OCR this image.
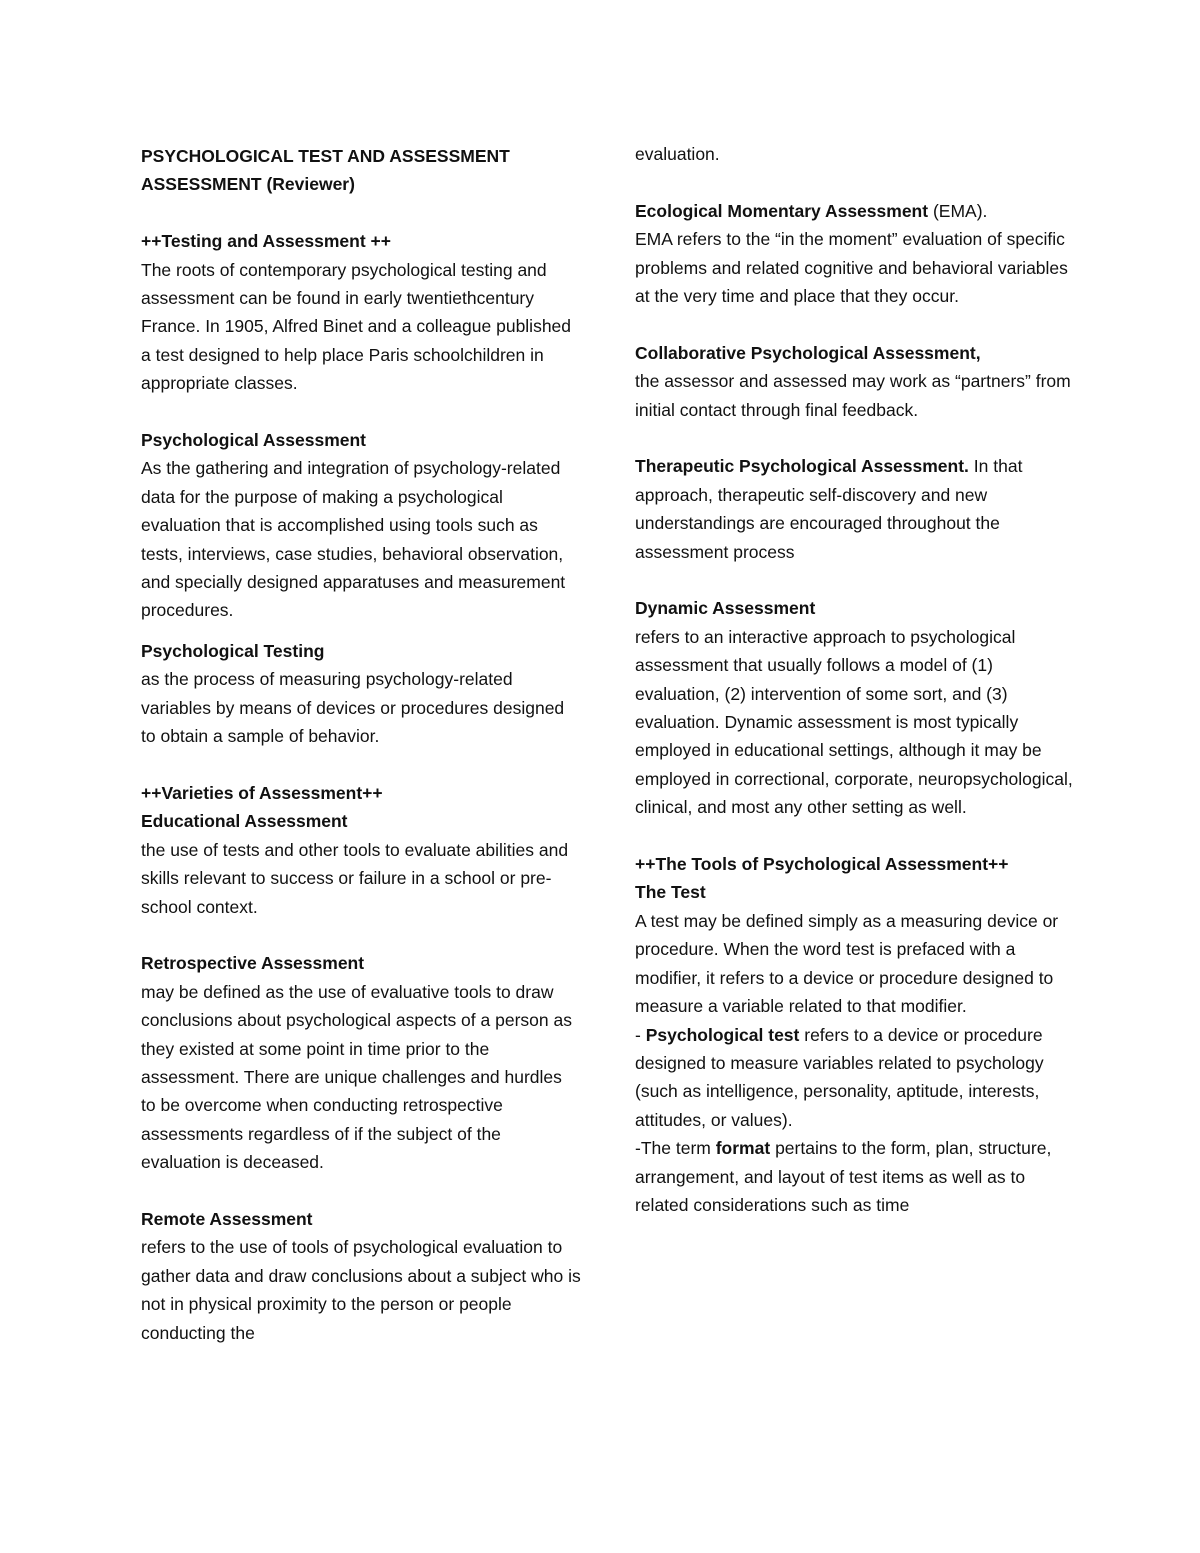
PSYCHOLOGICAL TEST AND ASSESSMENT

ASSESSMENT (Reviewer)

++Testing and Assessment ++

The roots of contemporary psychological testing and assessment can be found in early twentiethcentury France. In 1905, Alfred Binet and a colleague published a test designed to help place Paris schoolchildren in appropriate classes.

Psychological Assessment

As the gathering and integration of psychology-related data for the purpose of making a psychological evaluation that is accomplished using tools such as tests, interviews, case studies, behavioral observation, and specially designed apparatuses and measurement procedures.

Psychological Testing

as the process of measuring psychology-related variables by means of devices or procedures designed to obtain a sample of behavior.

++Varieties of Assessment++

Educational Assessment

the use of tests and other tools to evaluate abilities and skills relevant to success or failure in a school or pre-school context.

Retrospective Assessment

may be defined as the use of evaluative tools to draw conclusions about psychological aspects of a person as they existed at some point in time prior to the assessment. There are unique challenges and hurdles to be overcome when conducting retrospective assessments regardless of if the subject of the evaluation is deceased.

Remote Assessment

refers to the use of tools of psychological evaluation to gather data and draw conclusions about a subject who is not in physical proximity to the person or people conducting the

evaluation.

Ecological Momentary Assessment (EMA).

EMA refers to the “in the moment” evaluation of specific problems and related cognitive and behavioral variables at the very time and place that they occur.

Collaborative Psychological Assessment,

the assessor and assessed may work as “partners” from initial contact through final feedback.

Therapeutic Psychological Assessment. In that approach, therapeutic self-discovery and new understandings are encouraged throughout the assessment process

Dynamic Assessment

refers to an interactive approach to psychological assessment that usually follows a model of (1) evaluation, (2) intervention of some sort, and (3) evaluation. Dynamic assessment is most typically employed in educational settings, although it may be employed in correctional, corporate, neuropsychological, clinical, and most any other setting as well.

++The Tools of Psychological Assessment++

The Test

A test may be defined simply as a measuring device or procedure. When the word test is prefaced with a modifier, it refers to a device or procedure designed to measure a variable related to that modifier.

- Psychological test refers to a device or procedure designed to measure variables related to psychology (such as intelligence, personality, aptitude, interests, attitudes, or values).

-The term format pertains to the form, plan, structure, arrangement, and layout of test items as well as to related considerations such as time
